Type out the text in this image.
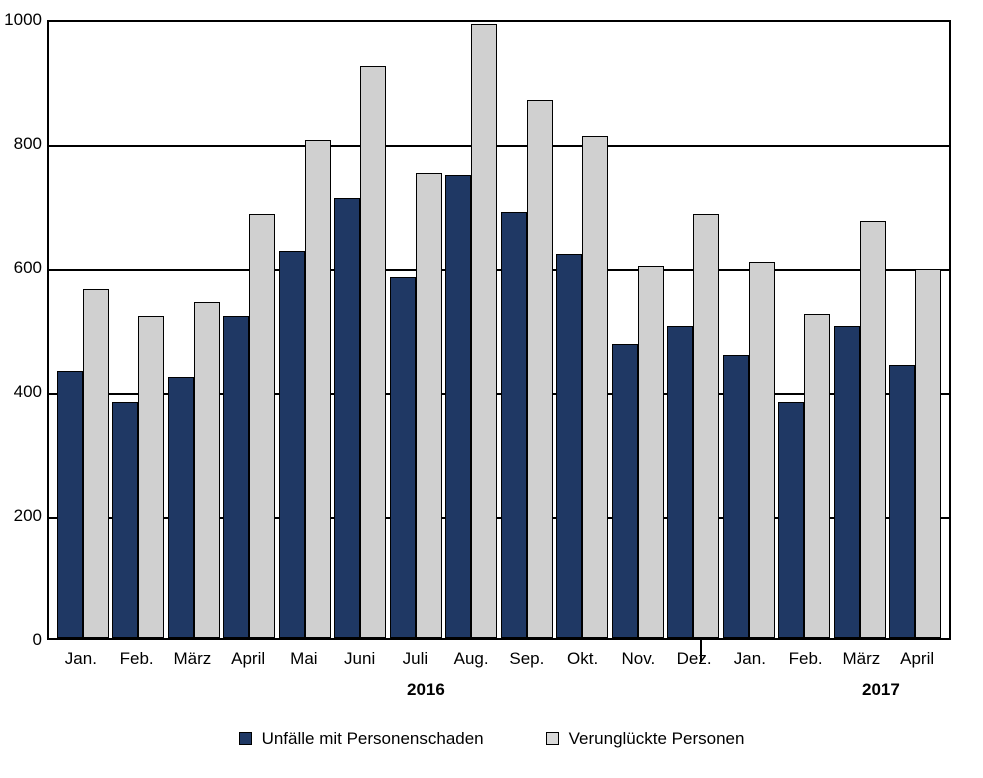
1000
800
600
400
200
0
Jan.	Feb.	März	April	Mai	Juni	Juli	Aug.	Sep.	Okt.	Nov.	Dez.	Jan.	Feb.	März	April
2016	2017
Unfälle mit Personenschaden	Verunglückte Personen
